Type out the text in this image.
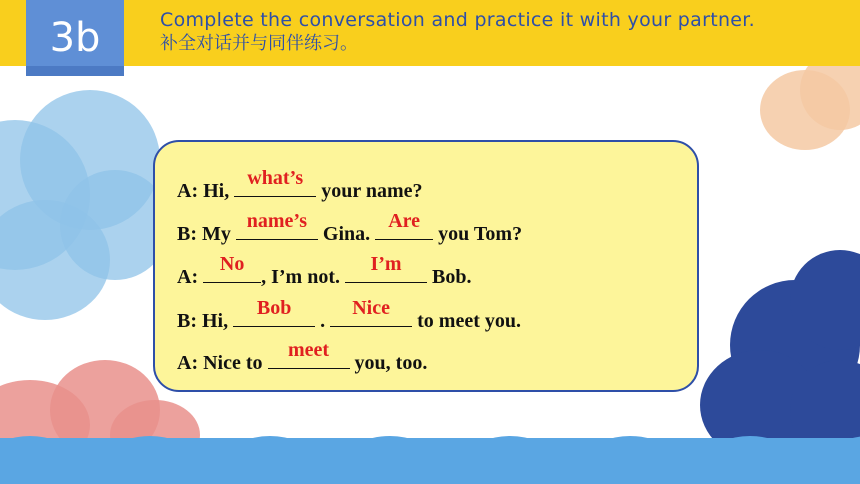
3b	Complete the conversation and practice it with your partner.
补全对话并与同伴练习。
A: Hi,
what’s
your name?
B: My
name’s
Gina.
Are
you Tom?
A:
No
, I’m not.
I’m
Bob.
B: Hi,
Bob
.
Nice
to meet you.
A: Nice to
meet
you, too.
